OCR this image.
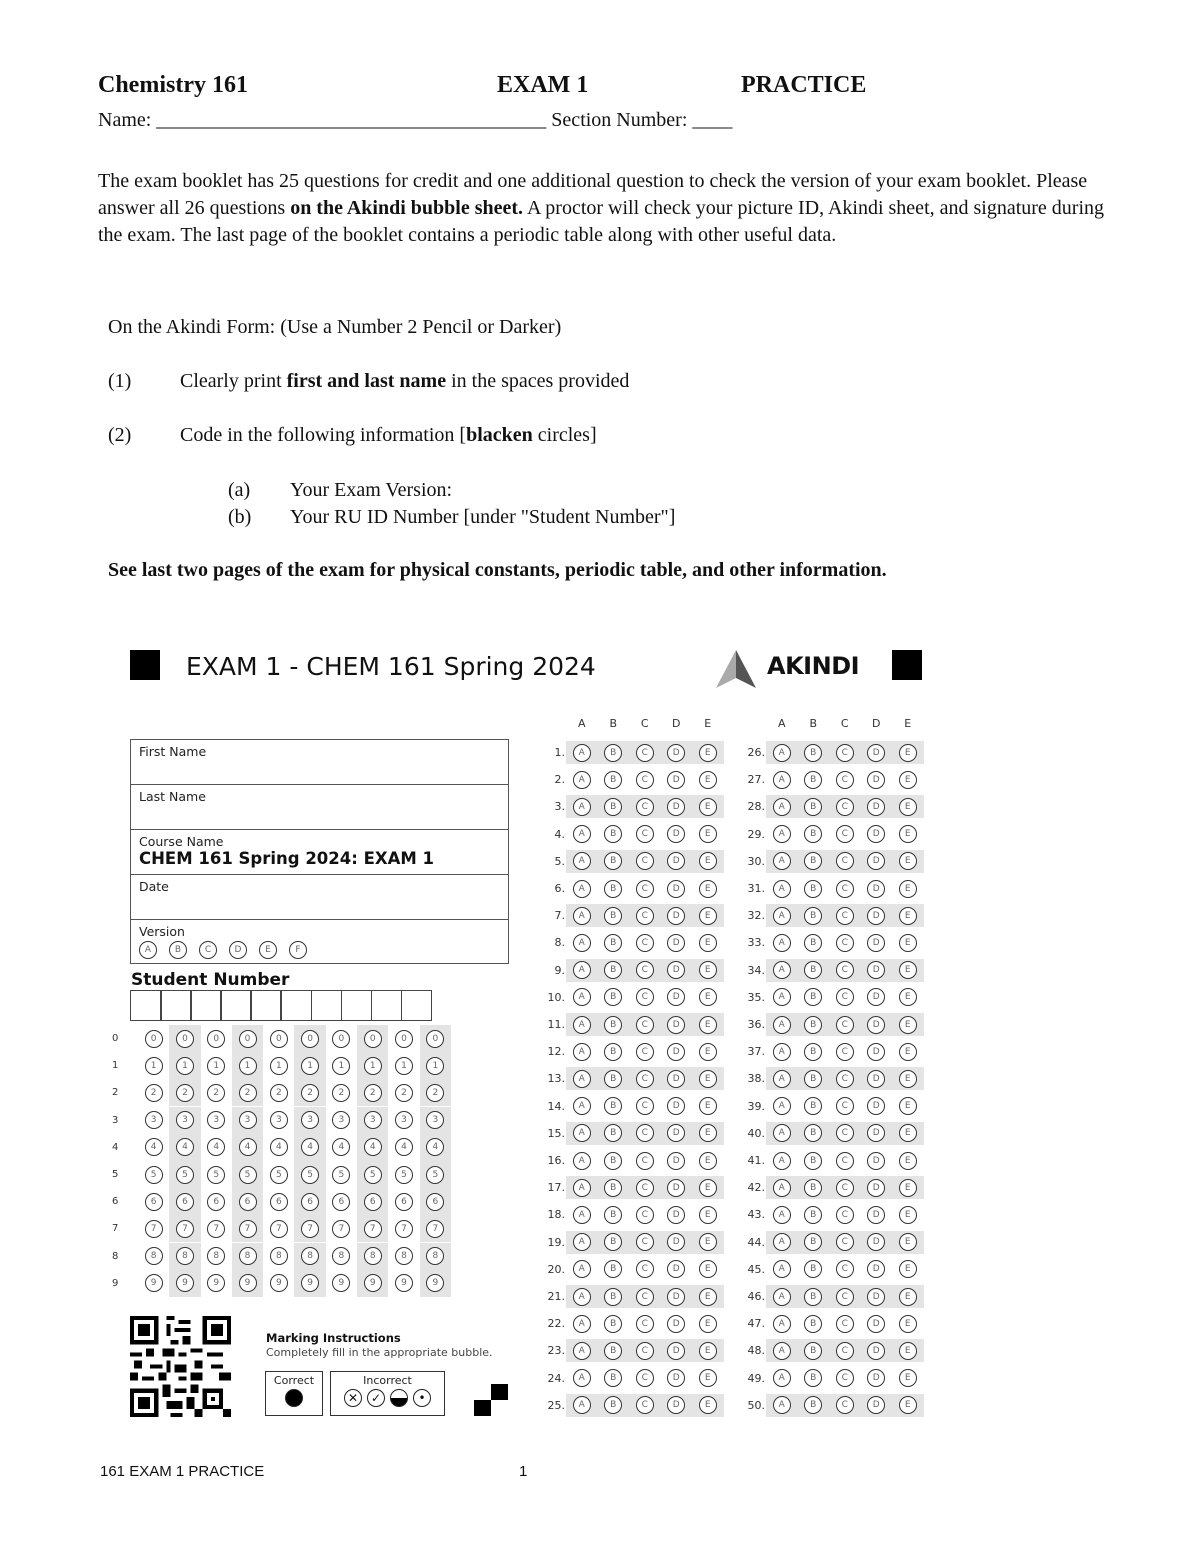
Chemistry 161	EXAM 1	PRACTICE
Name: _______________________________________ Section Number: ____
The exam booklet has 25 questions for credit and one additional question to check the version of your exam booklet. Please answer all 26 questions on the Akindi bubble sheet. A proctor will check your picture ID, Akindi sheet, and signature during the exam. The last page of the booklet contains a periodic table along with other useful data.
On the Akindi Form: (Use a Number 2 Pencil or Darker)
(1) Clearly print first and last name in the spaces provided
(2) Code in the following information [blacken circles]
(a) Your Exam Version:
(b) Your RU ID Number [under "Student Number"]
See last two pages of the exam for physical constants, periodic table, and other information.
EXAM 1 - CHEM 161 Spring 2024	AKINDI
First Name
Last Name
Course Name
CHEM 161 Spring 2024: EXAM 1
Date
Version
A	B	C	D	E	F
Student Number
0	0	0	0	0	0	0	0	0	0	0
1	1	1	1	1	1	1	1	1	1	1
2	2	2	2	2	2	2	2	2	2	2
3	3	3	3	3	3	3	3	3	3	3
4	4	4	4	4	4	4	4	4	4	4
5	5	5	5	5	5	5	5	5	5	5
6	6	6	6	6	6	6	6	6	6	6
7	7	7	7	7	7	7	7	7	7	7
8	8	8	8	8	8	8	8	8	8	8
9	9	9	9	9	9	9	9	9	9	9
A	B	C	D	E
1.	A	B	C	D	E
2.	A	B	C	D	E
3.	A	B	C	D	E
4.	A	B	C	D	E
5.	A	B	C	D	E
6.	A	B	C	D	E
7.	A	B	C	D	E
8.	A	B	C	D	E
9.	A	B	C	D	E
10.	A	B	C	D	E
11.	A	B	C	D	E
12.	A	B	C	D	E
13.	A	B	C	D	E
14.	A	B	C	D	E
15.	A	B	C	D	E
16.	A	B	C	D	E
17.	A	B	C	D	E
18.	A	B	C	D	E
19.	A	B	C	D	E
20.	A	B	C	D	E
21.	A	B	C	D	E
22.	A	B	C	D	E
23.	A	B	C	D	E
24.	A	B	C	D	E
25.	A	B	C	D	E
A	B	C	D	E
26.	A	B	C	D	E
27.	A	B	C	D	E
28.	A	B	C	D	E
29.	A	B	C	D	E
30.	A	B	C	D	E
31.	A	B	C	D	E
32.	A	B	C	D	E
33.	A	B	C	D	E
34.	A	B	C	D	E
35.	A	B	C	D	E
36.	A	B	C	D	E
37.	A	B	C	D	E
38.	A	B	C	D	E
39.	A	B	C	D	E
40.	A	B	C	D	E
41.	A	B	C	D	E
42.	A	B	C	D	E
43.	A	B	C	D	E
44.	A	B	C	D	E
45.	A	B	C	D	E
46.	A	B	C	D	E
47.	A	B	C	D	E
48.	A	B	C	D	E
49.	A	B	C	D	E
50.	A	B	C	D	E
Marking Instructions
Completely fill in the appropriate bubble.
Correct	Incorrect
✕	✓	•
161 EXAM 1 PRACTICE	1
